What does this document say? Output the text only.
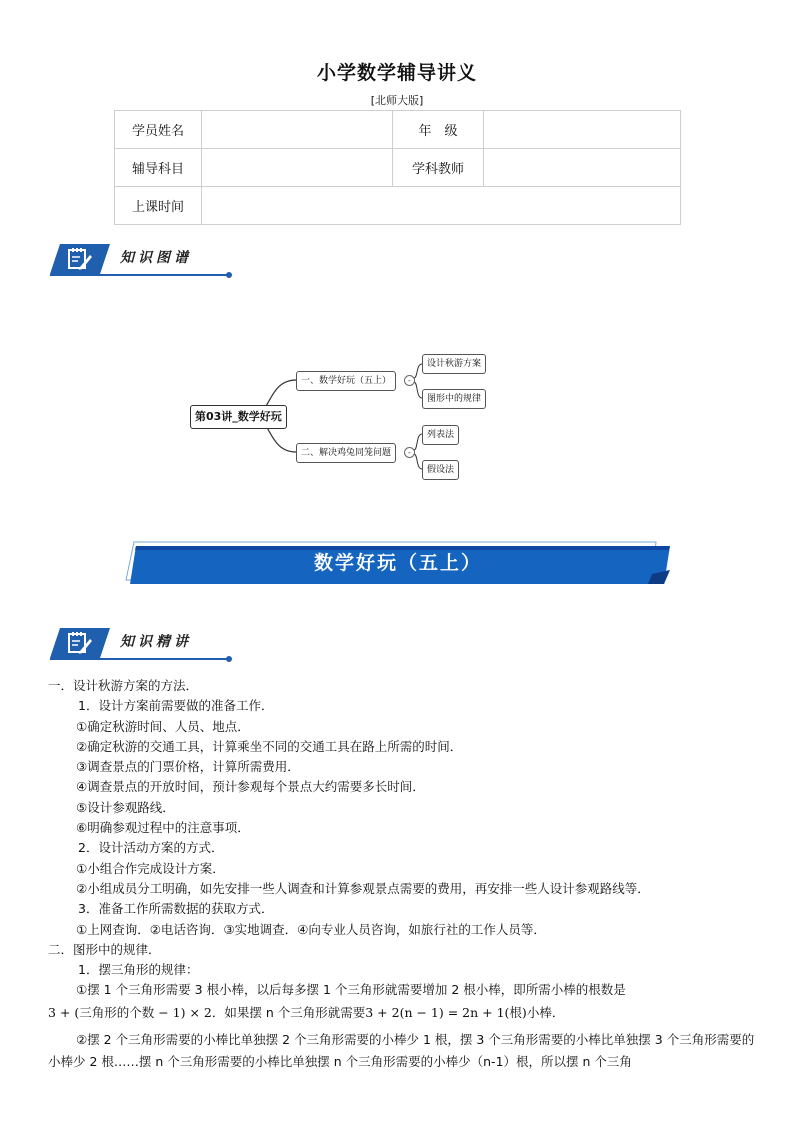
小学数学辅导讲义
[北师大版]
学员姓名		年　级	
辅导科目		学科教师	
上课时间			
知识图谱
第03讲_数学好玩
一、数学好玩（五上）	-
设计秋游方案
图形中的规律
二、解决鸡兔同笼问题	-
列表法
假设法
数学好玩（五上）
知识精讲

一．设计秋游方案的方法．

1．设计方案前需要做的准备工作．

①确定秋游时间、人员、地点．

②确定秋游的交通工具，计算乘坐不同的交通工具在路上所需的时间．

③调查景点的门票价格，计算所需费用．

④调查景点的开放时间，预计参观每个景点大约需要多长时间．

⑤设计参观路线．

⑥明确参观过程中的注意事项．

2．设计活动方案的方式．

①小组合作完成设计方案．

②小组成员分工明确，如先安排一些人调查和计算参观景点需要的费用，再安排一些人设计参观路线等．

3．准备工作所需数据的获取方式．

①上网查询．②电话咨询．③实地调查．④向专业人员咨询，如旅行社的工作人员等．

二．图形中的规律．

1．摆三角形的规律：

①摆 1 个三角形需要 3 根小棒，以后每多摆 1 个三角形就需要增加 2 根小棒，即所需小棒的根数是

3 + (三角形的个数 − 1) × 2．如果摆 n 个三角形就需要3 + 2(n − 1) = 2n + 1(根)小棒．

②摆 2 个三角形需要的小棒比单独摆 2 个三角形需要的小棒少 1 根，摆 3 个三角形需要的小棒比单独摆 3 个三角形需要的小棒少 2 根……摆 n 个三角形需要的小棒比单独摆 n 个三角形需要的小棒少（n-1）根，所以摆 n 个三角
